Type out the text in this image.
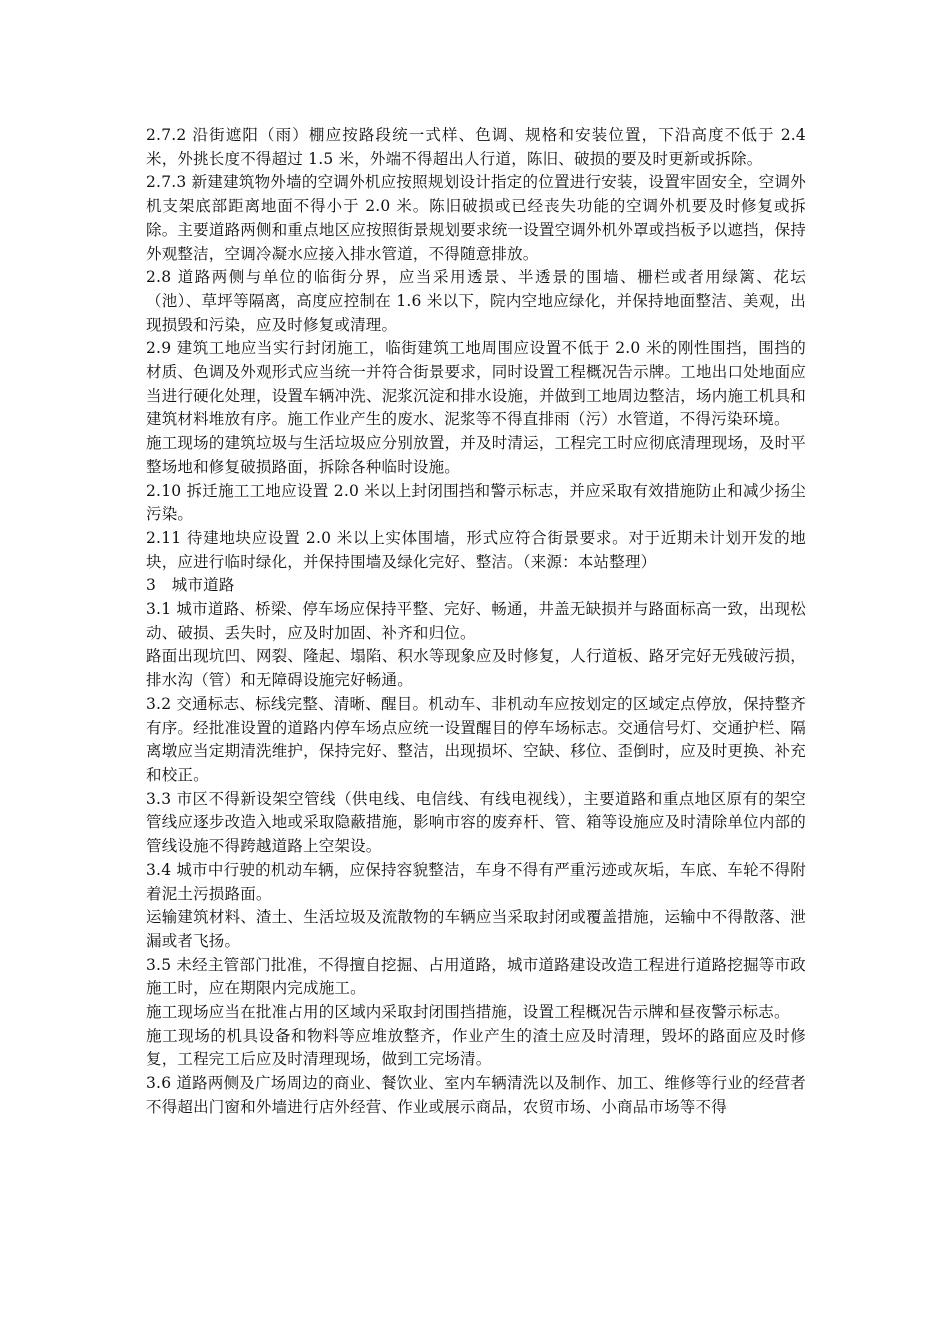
2.7.2 沿街遮阳（雨）棚应按路段统一式样、色调、规格和安装位置，下沿高度不低于 2.4 米，外挑长度不得超过 1.5 米，外端不得超出人行道，陈旧、破损的要及时更新或拆除。

2.7.3 新建建筑物外墙的空调外机应按照规划设计指定的位置进行安装，设置牢固安全，空调外机支架底部距离地面不得小于 2.0 米。陈旧破损或已经丧失功能的空调外机要及时修复或拆除。主要道路两侧和重点地区应按照街景规划要求统一设置空调外机外罩或挡板予以遮挡，保持外观整洁，空调冷凝水应接入排水管道，不得随意排放。

2.8 道路两侧与单位的临街分界，应当采用透景、半透景的围墙、栅栏或者用绿篱、花坛（池）、草坪等隔离，高度应控制在 1.6 米以下，院内空地应绿化，并保持地面整洁、美观，出现损毁和污染，应及时修复或清理。

2.9 建筑工地应当实行封闭施工，临街建筑工地周围应设置不低于 2.0 米的刚性围挡，围挡的材质、色调及外观形式应当统一并符合街景要求，同时设置工程概况告示牌。工地出口处地面应当进行硬化处理，设置车辆冲洗、泥浆沉淀和排水设施，并做到工地周边整洁，场内施工机具和建筑材料堆放有序。施工作业产生的废水、泥浆等不得直排雨（污）水管道，不得污染环境。

施工现场的建筑垃圾与生活垃圾应分别放置，并及时清运，工程完工时应彻底清理现场，及时平整场地和修复破损路面，拆除各种临时设施。

2.10 拆迁施工工地应设置 2.0 米以上封闭围挡和警示标志，并应采取有效措施防止和减少扬尘污染。

2.11 待建地块应设置 2.0 米以上实体围墙，形式应符合街景要求。对于近期未计划开发的地块，应进行临时绿化，并保持围墙及绿化完好、整洁。（来源：本站整理）

3　城市道路

3.1 城市道路、桥梁、停车场应保持平整、完好、畅通，井盖无缺损并与路面标高一致，出现松动、破损、丢失时，应及时加固、补齐和归位。

路面出现坑凹、网裂、隆起、塌陷、积水等现象应及时修复，人行道板、路牙完好无残破污损，排水沟（管）和无障碍设施完好畅通。

3.2 交通标志、标线完整、清晰、醒目。机动车、非机动车应按划定的区域定点停放，保持整齐有序。经批准设置的道路内停车场点应统一设置醒目的停车场标志。交通信号灯、交通护栏、隔离墩应当定期清洗维护，保持完好、整洁，出现损坏、空缺、移位、歪倒时，应及时更换、补充和校正。

3.3 市区不得新设架空管线（供电线、电信线、有线电视线），主要道路和重点地区原有的架空管线应逐步改造入地或采取隐蔽措施，影响市容的废弃杆、管、箱等设施应及时清除单位内部的管线设施不得跨越道路上空架设。

3.4 城市中行驶的机动车辆，应保持容貌整洁，车身不得有严重污迹或灰垢，车底、车轮不得附着泥土污损路面。

运输建筑材料、渣土、生活垃圾及流散物的车辆应当采取封闭或覆盖措施，运输中不得散落、泄漏或者飞扬。

3.5 未经主管部门批准，不得擅自挖掘、占用道路，城市道路建设改造工程进行道路挖掘等市政施工时，应在期限内完成施工。

施工现场应当在批准占用的区域内采取封闭围挡措施，设置工程概况告示牌和昼夜警示标志。

施工现场的机具设备和物料等应堆放整齐，作业产生的渣土应及时清理，毁坏的路面应及时修复，工程完工后应及时清理现场，做到工完场清。

3.6 道路两侧及广场周边的商业、餐饮业、室内车辆清洗以及制作、加工、维修等行业的经营者不得超出门窗和外墙进行店外经营、作业或展示商品，农贸市场、小商品市场等不得
